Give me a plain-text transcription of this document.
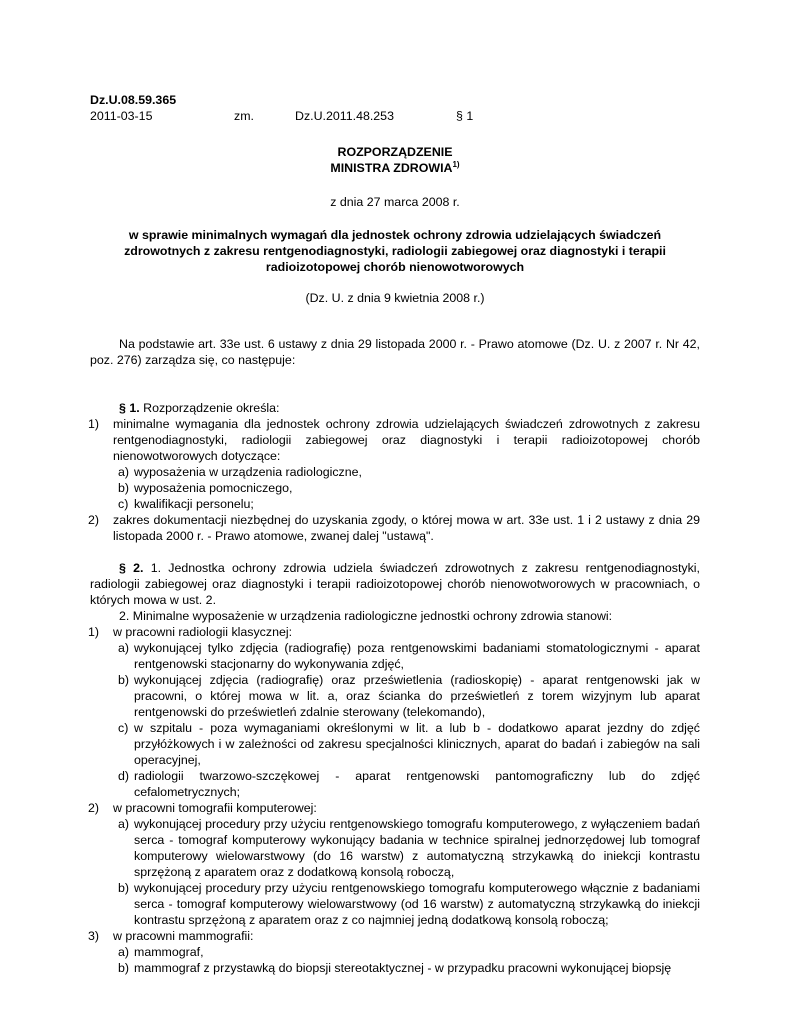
Dz.U.08.59.365
2011-03-15	zm.	Dz.U.2011.48.253	§ 1
ROZPORZĄDZENIE
MINISTRA ZDROWIA$^{1)}$
z dnia 27 marca 2008 r.
w sprawie minimalnych wymagań dla jednostek ochrony zdrowia udzielających świadczeń zdrowotnych z zakresu rentgenodiagnostyki, radiologii zabiegowej oraz diagnostyki i terapii radioizotopowej chorób nienowotworowych
(Dz. U. z dnia 9 kwietnia 2008 r.)

Na podstawie art. 33e ust. 6 ustawy z dnia 29 listopada 2000 r. - Prawo atomowe (Dz. U. z 2007 r. Nr 42, poz. 276) zarządza się, co następuje:

§ 1. Rozporządzenie określa:

1) minimalne wymagania dla jednostek ochrony zdrowia udzielających świadczeń zdrowotnych z zakresu rentgenodiagnostyki, radiologii zabiegowej oraz diagnostyki i terapii radioizotopowej chorób nienowotworowych dotyczące:
a) wyposażenia w urządzenia radiologiczne,
b) wyposażenia pomocniczego,
c) kwalifikacji personelu;
2) zakres dokumentacji niezbędnej do uzyskania zgody, o której mowa w art. 33e ust. 1 i 2 ustawy z dnia 29 listopada 2000 r. - Prawo atomowe, zwanej dalej "ustawą".

§ 2. 1. Jednostka ochrony zdrowia udziela świadczeń zdrowotnych z zakresu rentgenodiagnostyki, radiologii zabiegowej oraz diagnostyki i terapii radioizotopowej chorób nienowotworowych w pracowniach, o których mowa w ust. 2.

2. Minimalne wyposażenie w urządzenia radiologiczne jednostki ochrony zdrowia stanowi:

1) w pracowni radiologii klasycznej:
a) wykonującej tylko zdjęcia (radiografię) poza rentgenowskimi badaniami stomatologicznymi - aparat rentgenowski stacjonarny do wykonywania zdjęć,
b) wykonującej zdjęcia (radiografię) oraz prześwietlenia (radioskopię) - aparat rentgenowski jak w pracowni, o której mowa w lit. a, oraz ścianka do prześwietleń z torem wizyjnym lub aparat rentgenowski do prześwietleń zdalnie sterowany (telekomando),
c) w szpitalu - poza wymaganiami określonymi w lit. a lub b - dodatkowo aparat jezdny do zdjęć przyłóżkowych i w zależności od zakresu specjalności klinicznych, aparat do badań i zabiegów na sali operacyjnej,
d) radiologii twarzowo-szczękowej - aparat rentgenowski pantomograficzny lub do zdjęć cefalometrycznych;
2) w pracowni tomografii komputerowej:
a) wykonującej procedury przy użyciu rentgenowskiego tomografu komputerowego, z wyłączeniem badań serca - tomograf komputerowy wykonujący badania w technice spiralnej jednorzędowej lub tomograf komputerowy wielowarstwowy (do 16 warstw) z automatyczną strzykawką do iniekcji kontrastu sprzężoną z aparatem oraz z dodatkową konsolą roboczą,
b) wykonującej procedury przy użyciu rentgenowskiego tomografu komputerowego włącznie z badaniami serca - tomograf komputerowy wielowarstwowy (od 16 warstw) z automatyczną strzykawką do iniekcji kontrastu sprzężoną z aparatem oraz z co najmniej jedną dodatkową konsolą roboczą;
3) w pracowni mammografii:
a) mammograf,
b) mammograf z przystawką do biopsji stereotaktycznej - w przypadku pracowni wykonującej biopsję
